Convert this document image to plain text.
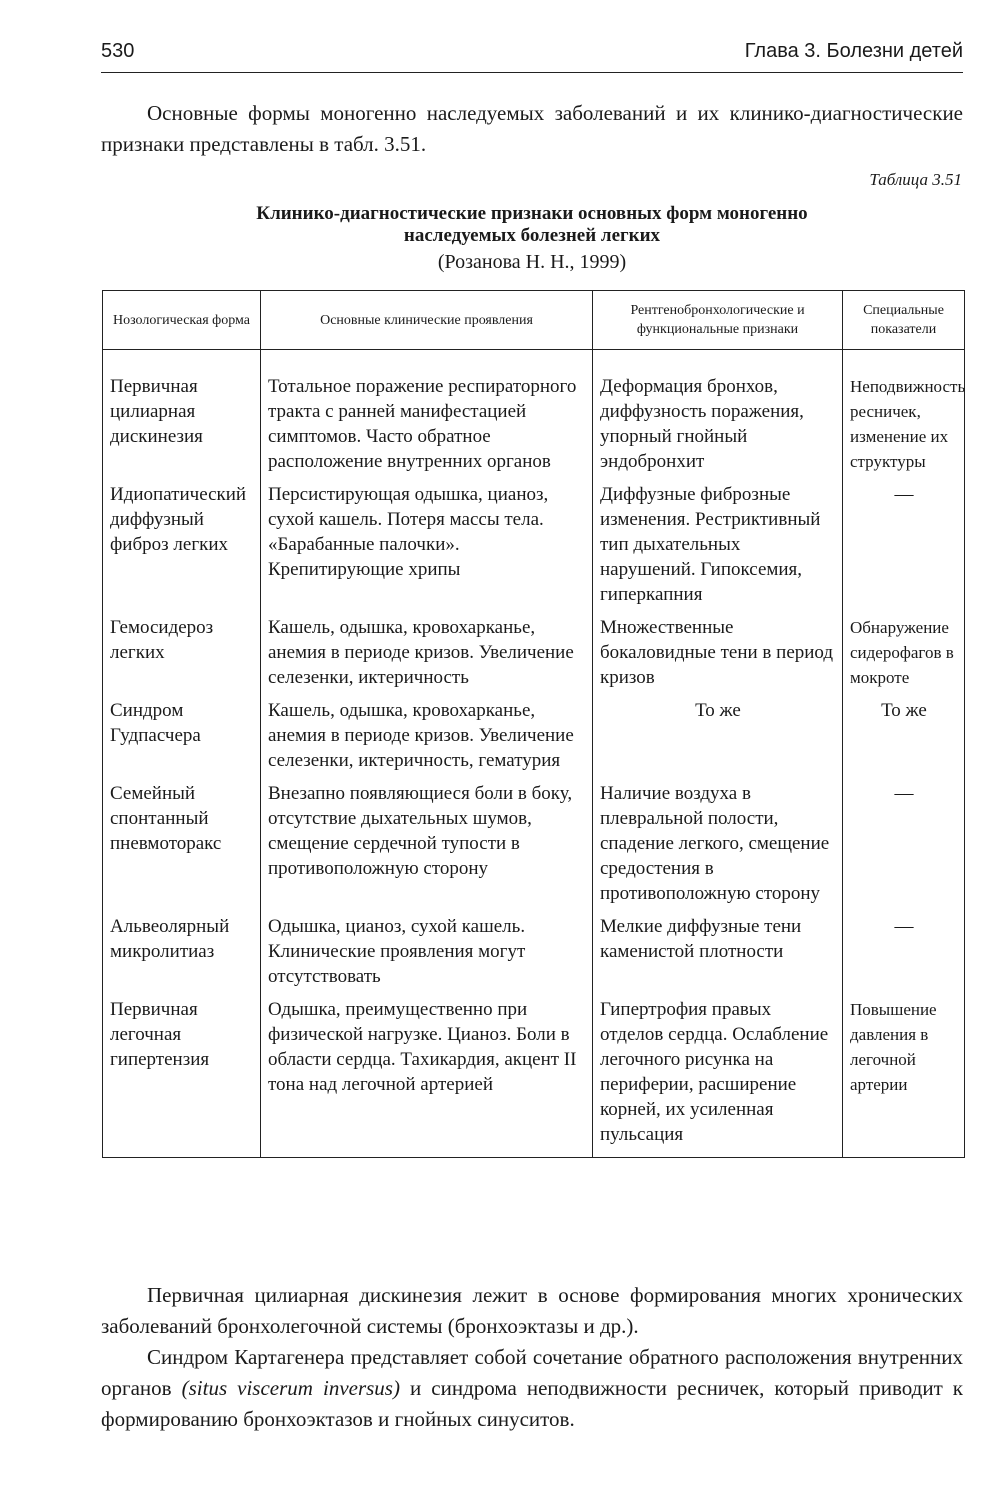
530	Глава 3. Болезни детей

Основные формы моногенно наследуемых заболеваний и их клинико-диагностические признаки представлены в табл. 3.51.

Таблица 3.51
Клинико-диагностические признаки основных форм моногенно
наследуемых болезней легких
(Розанова Н. Н., 1999)
Нозологическая форма	Основные клинические проявления	Рентгенобронхологические и функциональные признаки	Специальные показатели
Первичная цилиарная дискинезия	Тотальное поражение респираторного тракта с ранней манифестацией симптомов. Часто обратное расположение внутренних органов	Деформация бронхов, диффузность поражения, упорный гнойный эндобронхит	Неподвижность ресничек, изменение их структуры
Идиопатический диффузный фиброз легких	Персистирующая одышка, цианоз, сухой кашель. Потеря массы тела. «Барабанные палочки». Крепитирующие хрипы	Диффузные фиброзные изменения. Рестриктивный тип дыхательных нарушений. Гипоксемия, гиперкапния	—
Гемосидероз легких	Кашель, одышка, кровохарканье, анемия в периоде кризов. Увеличение селезенки, иктеричность	Множественные бокаловидные тени в период кризов	Обнаружение сидерофагов в мокроте
Синдром Гудпасчера	Кашель, одышка, кровохарканье, анемия в периоде кризов. Увеличение селезенки, иктеричность, гематурия	То же	То же
Семейный спонтанный пневмоторакс	Внезапно появляющиеся боли в боку, отсутствие дыхательных шумов, смещение сердечной тупости в противоположную сторону	Наличие воздуха в плевральной полости, спадение легкого, смещение средостения в противоположную сторону	—
Альвеолярный микролитиаз	Одышка, цианоз, сухой кашель. Клинические проявления могут отсутствовать	Мелкие диффузные тени каменистой плотности	—
Первичная легочная гипертензия	Одышка, преимущественно при физической нагрузке. Цианоз. Боли в области сердца. Тахикардия, акцент II тона над легочной артерией	Гипертрофия правых отделов сердца. Ослабление легочного рисунка на периферии, расширение корней, их усиленная пульсация	Повышение давления в легочной артерии

Первичная цилиарная дискинезия лежит в основе формирования многих хронических заболеваний бронхолегочной системы (бронхоэктазы и др.).

Синдром Картагенера представляет собой сочетание обратного расположения внутренних органов (situs viscerum inversus) и синдрома неподвижности ресничек, который приводит к формированию бронхоэктазов и гнойных синуситов.
